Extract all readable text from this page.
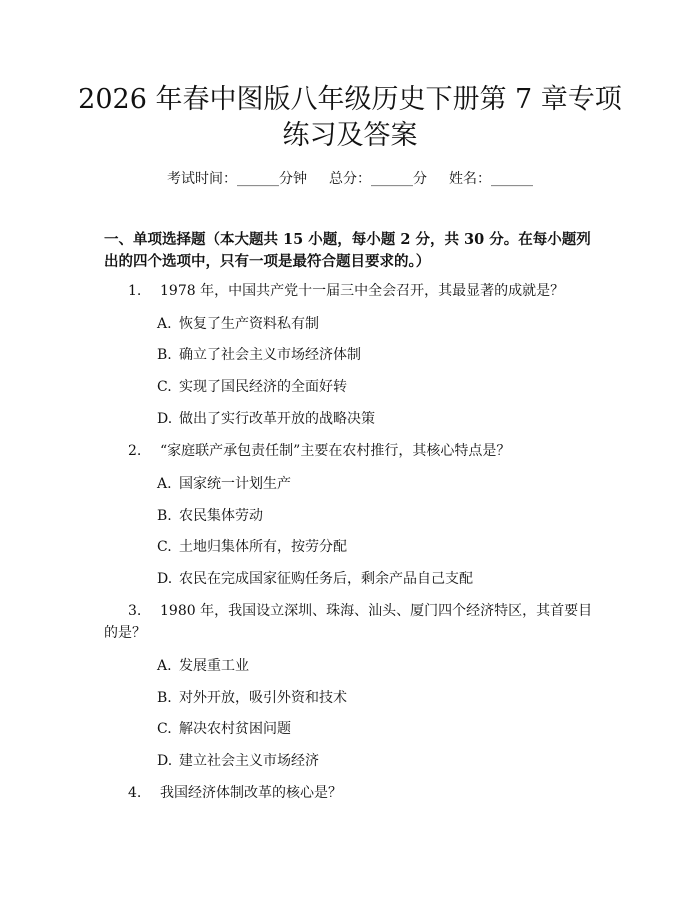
2026 年春中图版八年级历史下册第 7 章专项
练习及答案
考试时间：______分钟 总分：______分 姓名：______
一、单项选择题（本大题共 15 小题，每小题 2 分，共 30 分。在每小题列出的四个选项中，只有一项是最符合题目要求的。）
1. 1978 年，中国共产党十一届三中全会召开，其最显著的成就是？
A. 恢复了生产资料私有制
B. 确立了社会主义市场经济体制
C. 实现了国民经济的全面好转
D. 做出了实行改革开放的战略决策
2. “家庭联产承包责任制”主要在农村推行，其核心特点是？
A. 国家统一计划生产
B. 农民集体劳动
C. 土地归集体所有，按劳分配
D. 农民在完成国家征购任务后，剩余产品自己支配
3.	1980 年，我国设立深圳、珠海、汕头、厦门四个经济特区，其首要目的是？
A. 发展重工业
B. 对外开放，吸引外资和技术
C. 解决农村贫困问题
D. 建立社会主义市场经济
4. 我国经济体制改革的核心是？
